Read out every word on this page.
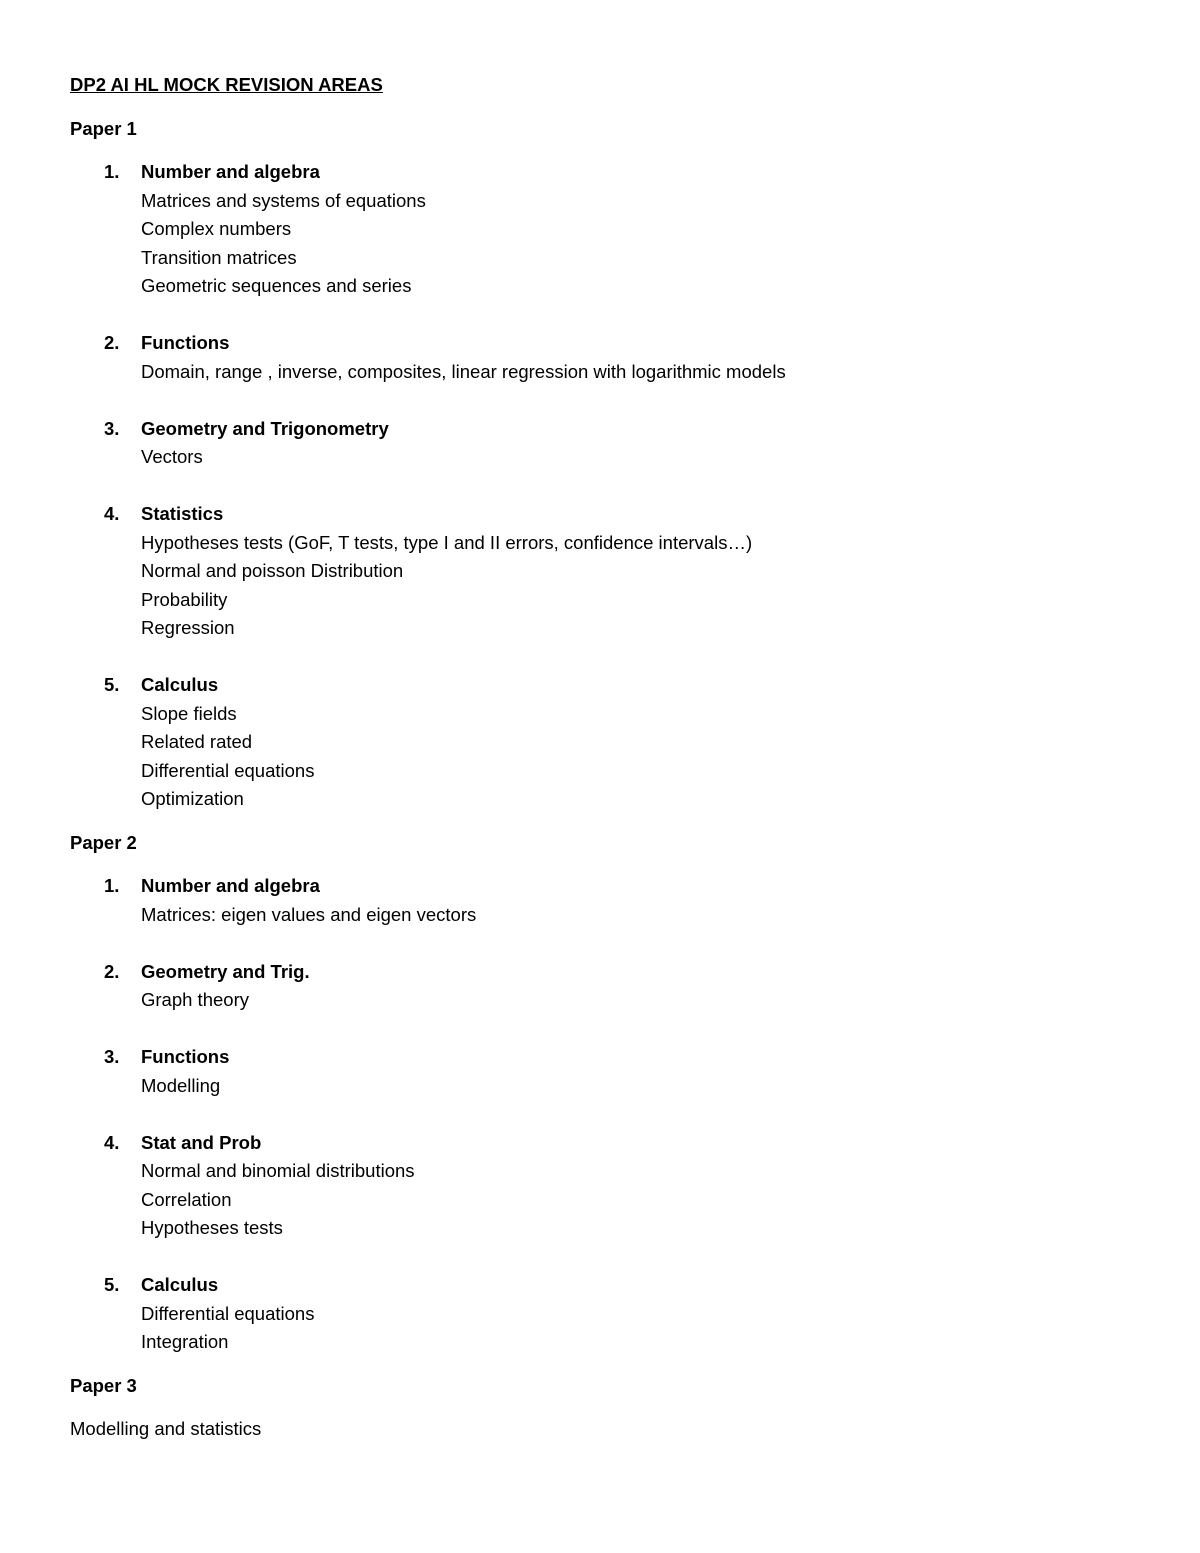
DP2 AI HL MOCK REVISION AREAS
Paper 1
1. Number and algebra
Matrices and systems of equations
Complex numbers
Transition matrices
Geometric sequences and series
2. Functions
Domain, range , inverse, composites, linear regression with logarithmic models
3. Geometry and Trigonometry
Vectors
4. Statistics
Hypotheses tests (GoF, T tests, type I and II errors, confidence intervals…)
Normal and poisson Distribution
Probability
Regression
5. Calculus
Slope fields
Related rated
Differential equations
Optimization
Paper 2
1. Number and algebra
Matrices: eigen values and eigen vectors
2. Geometry and Trig.
Graph theory
3. Functions
Modelling
4. Stat and Prob
Normal and binomial distributions
Correlation
Hypotheses tests
5. Calculus
Differential equations
Integration
Paper 3
Modelling and statistics
